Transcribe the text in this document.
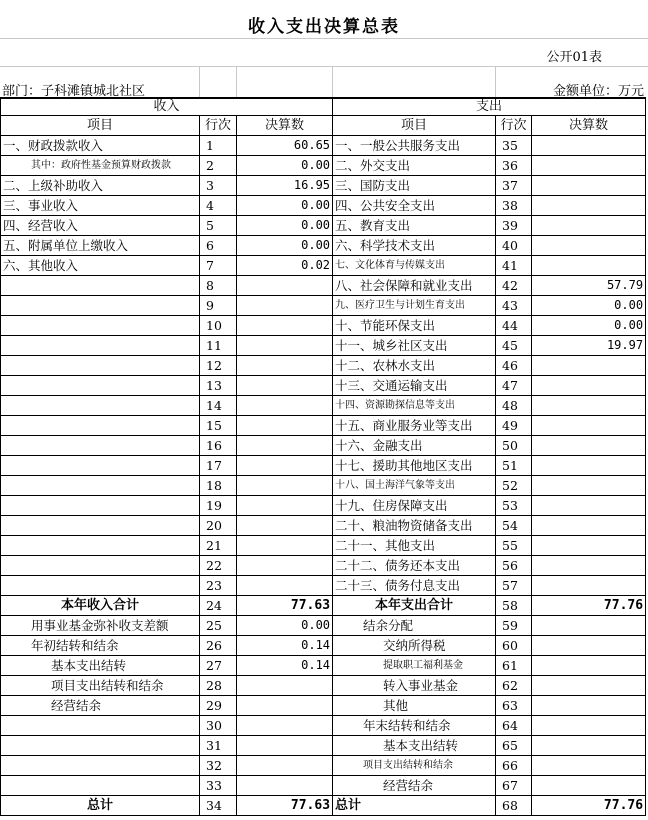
收入支出决算总表
公开01表
部门：子科滩镇城北社区	金额单位：万元
收入			支出		
项目	行次	决算数	项目	行次	决算数
一、财政拨款收入	1	60.65	一、一般公共服务支出	35	
其中：政府性基金预算财政拨款	2	0.00	二、外交支出	36	
二、上级补助收入	3	16.95	三、国防支出	37	
三、事业收入	4	0.00	四、公共安全支出	38	
四、经营收入	5	0.00	五、教育支出	39	
五、附属单位上缴收入	6	0.00	六、科学技术支出	40	
六、其他收入	7	0.02	七、文化体育与传媒支出	41	
	8		八、社会保障和就业支出	42	57.79
	9		九、医疗卫生与计划生育支出	43	0.00
	10		十、节能环保支出	44	0.00
	11		十一、城乡社区支出	45	19.97
	12		十二、农林水支出	46	
	13		十三、交通运输支出	47	
	14		十四、资源勘探信息等支出	48	
	15		十五、商业服务业等支出	49	
	16		十六、金融支出	50	
	17		十七、援助其他地区支出	51	
	18		十八、国土海洋气象等支出	52	
	19		十九、住房保障支出	53	
	20		二十、粮油物资储备支出	54	
	21		二十一、其他支出	55	
	22		二十二、债务还本支出	56	
	23		二十三、债务付息支出	57	
本年收入合计	24	77.63	本年支出合计	58	77.76
用事业基金弥补收支差额	25	0.00	结余分配	59	
年初结转和结余	26	0.14	交纳所得税	60	
基本支出结转	27	0.14	提取职工福利基金	61	
项目支出结转和结余	28		转入事业基金	62	
经营结余	29		其他	63	
	30		年末结转和结余	64	
	31		基本支出结转	65	
	32		项目支出结转和结余	66	
	33		经营结余	67	
总计	34	77.63	总计	68	77.76
